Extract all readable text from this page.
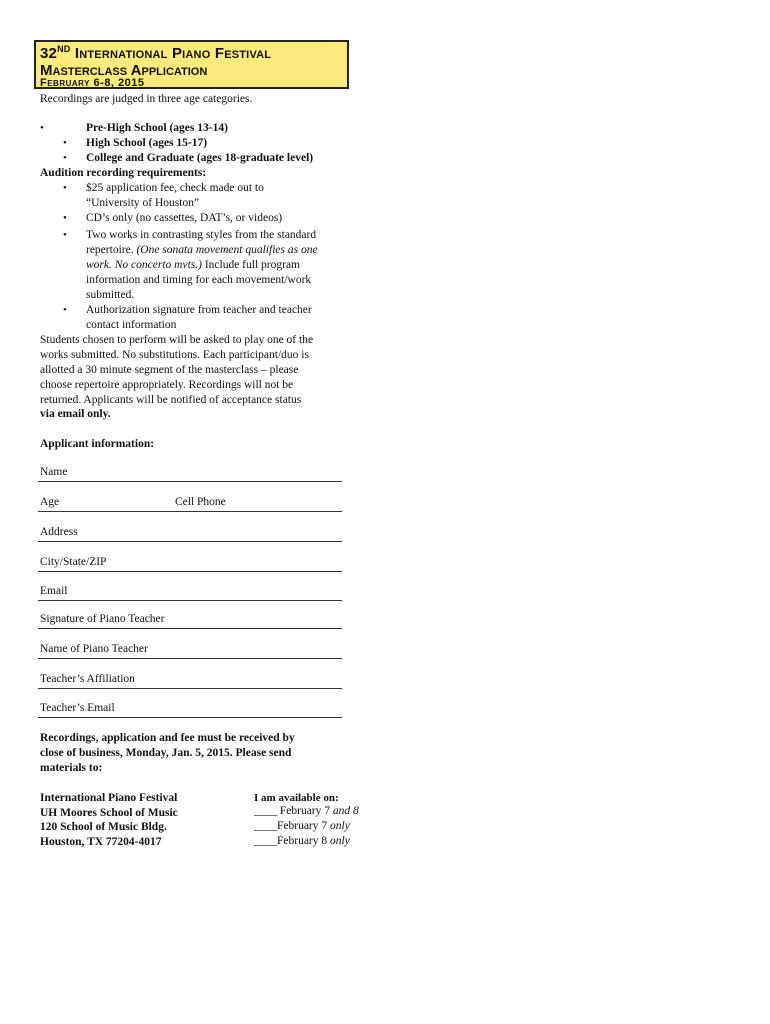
32ND International Piano Festival
Masterclass Application
February 6-8, 2015
Recordings are judged in three age categories.
•	Pre-High School (ages 13-14)
• High School (ages 15-17)
• College and Graduate (ages 18-graduate level)
Audition recording requirements:
• $25 application fee, check made out to
“University of Houston”
• CD’s only (no cassettes, DAT’s, or videos)
• Two works in contrasting styles from the standard
repertoire. (One sonata movement qualifies as one
work. No concerto mvts.) Include full program
information and timing for each movement/work
submitted.
• Authorization signature from teacher and teacher
contact information
Students chosen to perform will be asked to play one of the
works submitted. No substitutions. Each participant/duo is
allotted a 30 minute segment of the masterclass – please
choose repertoire appropriately. Recordings will not be
returned. Applicants will be notified of acceptance status
via email only.
Applicant information:
Name
Age	Cell Phone
Address
City/State/ZIP
Email
Signature of Piano Teacher
Name of Piano Teacher
Teacher’s Affiliation
Teacher’s Email
Recordings, application and fee must be received by
close of business, Monday, Jan. 5, 2015. Please send
materials to:
International Piano Festival
UH Moores School of Music
120 School of Music Bldg.
Houston, TX 77204-4017
I am available on:
____ February 7 and 8
____February 7 only
____February 8 only
